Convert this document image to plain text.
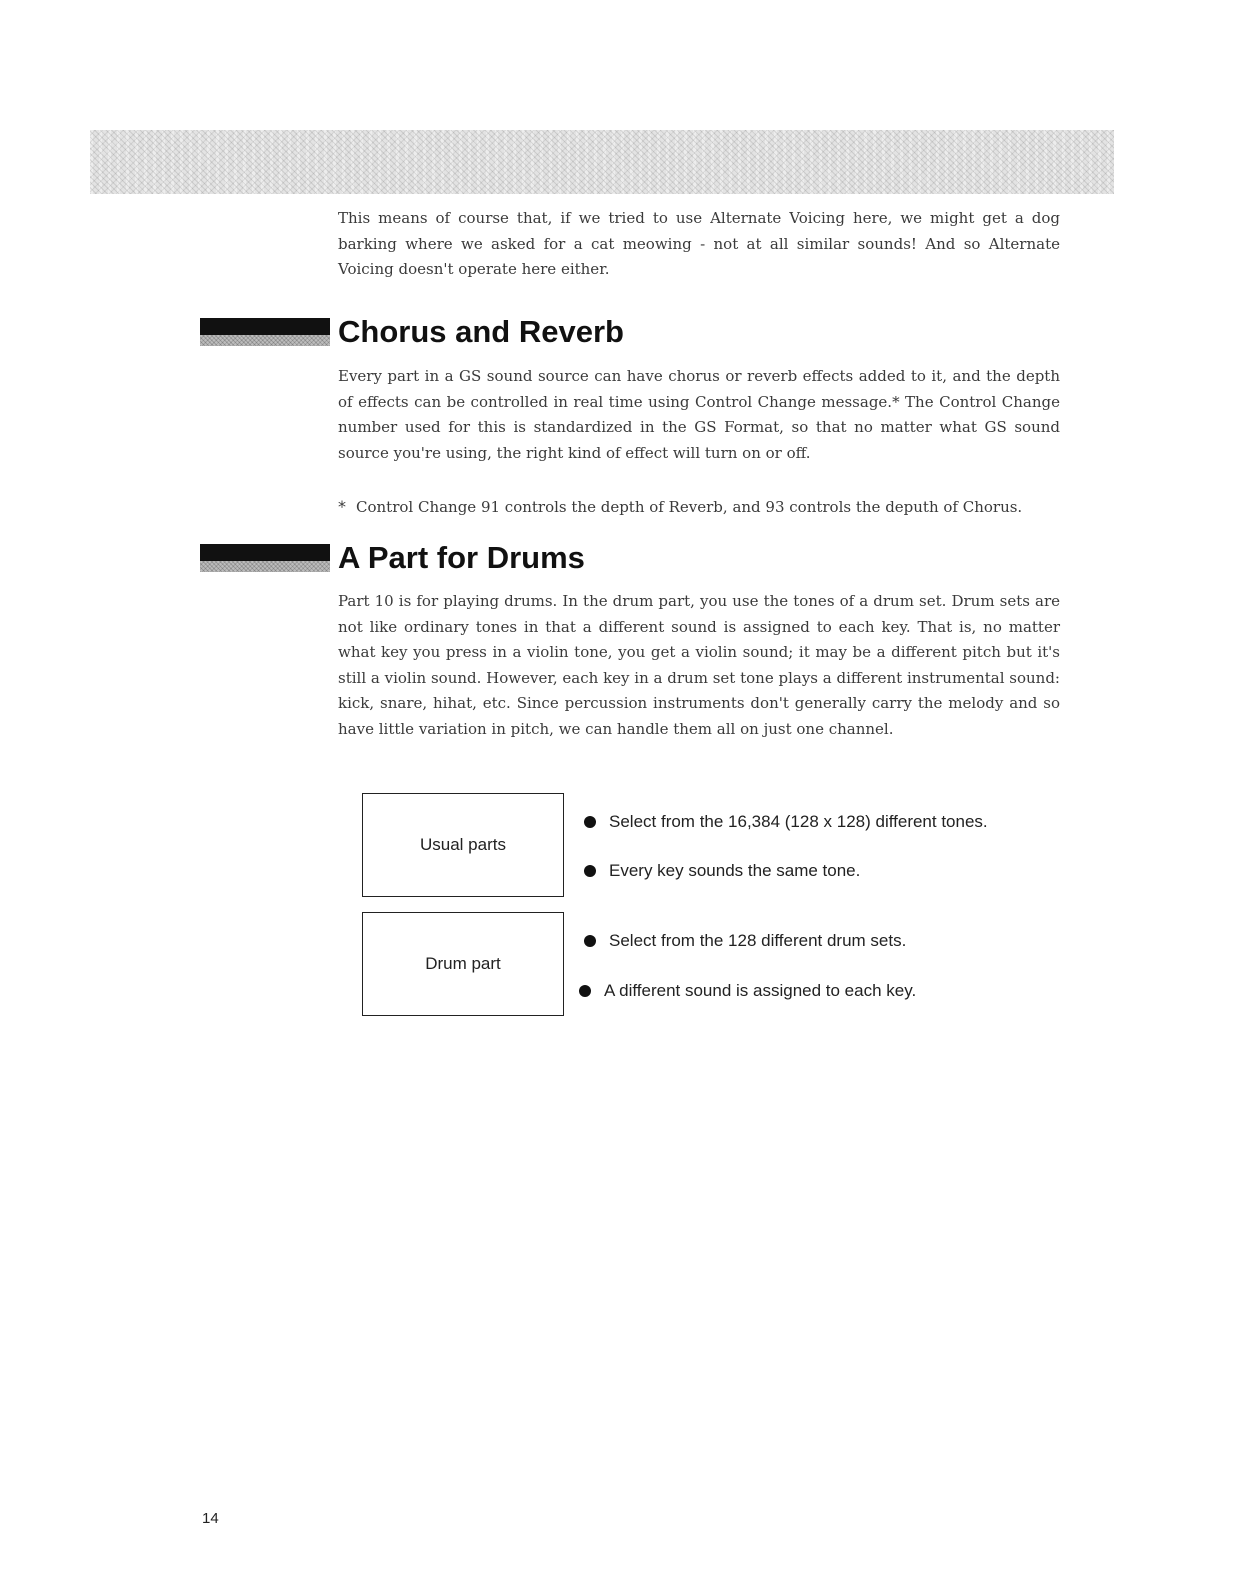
This means of course that, if we tried to use Alternate Voicing here, we might get a dog barking where we asked for a cat meowing - not at all similar sounds! And so Alternate Voicing doesn't operate here either.

Chorus and Reverb

Every part in a GS sound source can have chorus or reverb effects added to it, and the depth of effects can be controlled in real time using Control Change message.* The Control Change number used for this is standardized in the GS Format, so that no matter what GS sound source you're using, the right kind of effect will turn on or off.

* Control Change 91 controls the depth of Reverb, and 93 controls the deputh of Chorus.

A Part for Drums

Part 10 is for playing drums. In the drum part, you use the tones of a drum set. Drum sets are not like ordinary tones in that a different sound is assigned to each key. That is, no matter what key you press in a violin tone, you get a violin sound; it may be a different pitch but it's still a violin sound. However, each key in a drum set tone plays a different instrumental sound: kick, snare, hihat, etc. Since percussion instruments don't generally carry the melody and so have little variation in pitch, we can handle them all on just one channel.

Usual parts
Select from the 16,384 (128 x 128) different tones.
Every key sounds the same tone.
Drum part
Select from the 128 different drum sets.
A different sound is assigned to each key.
14
